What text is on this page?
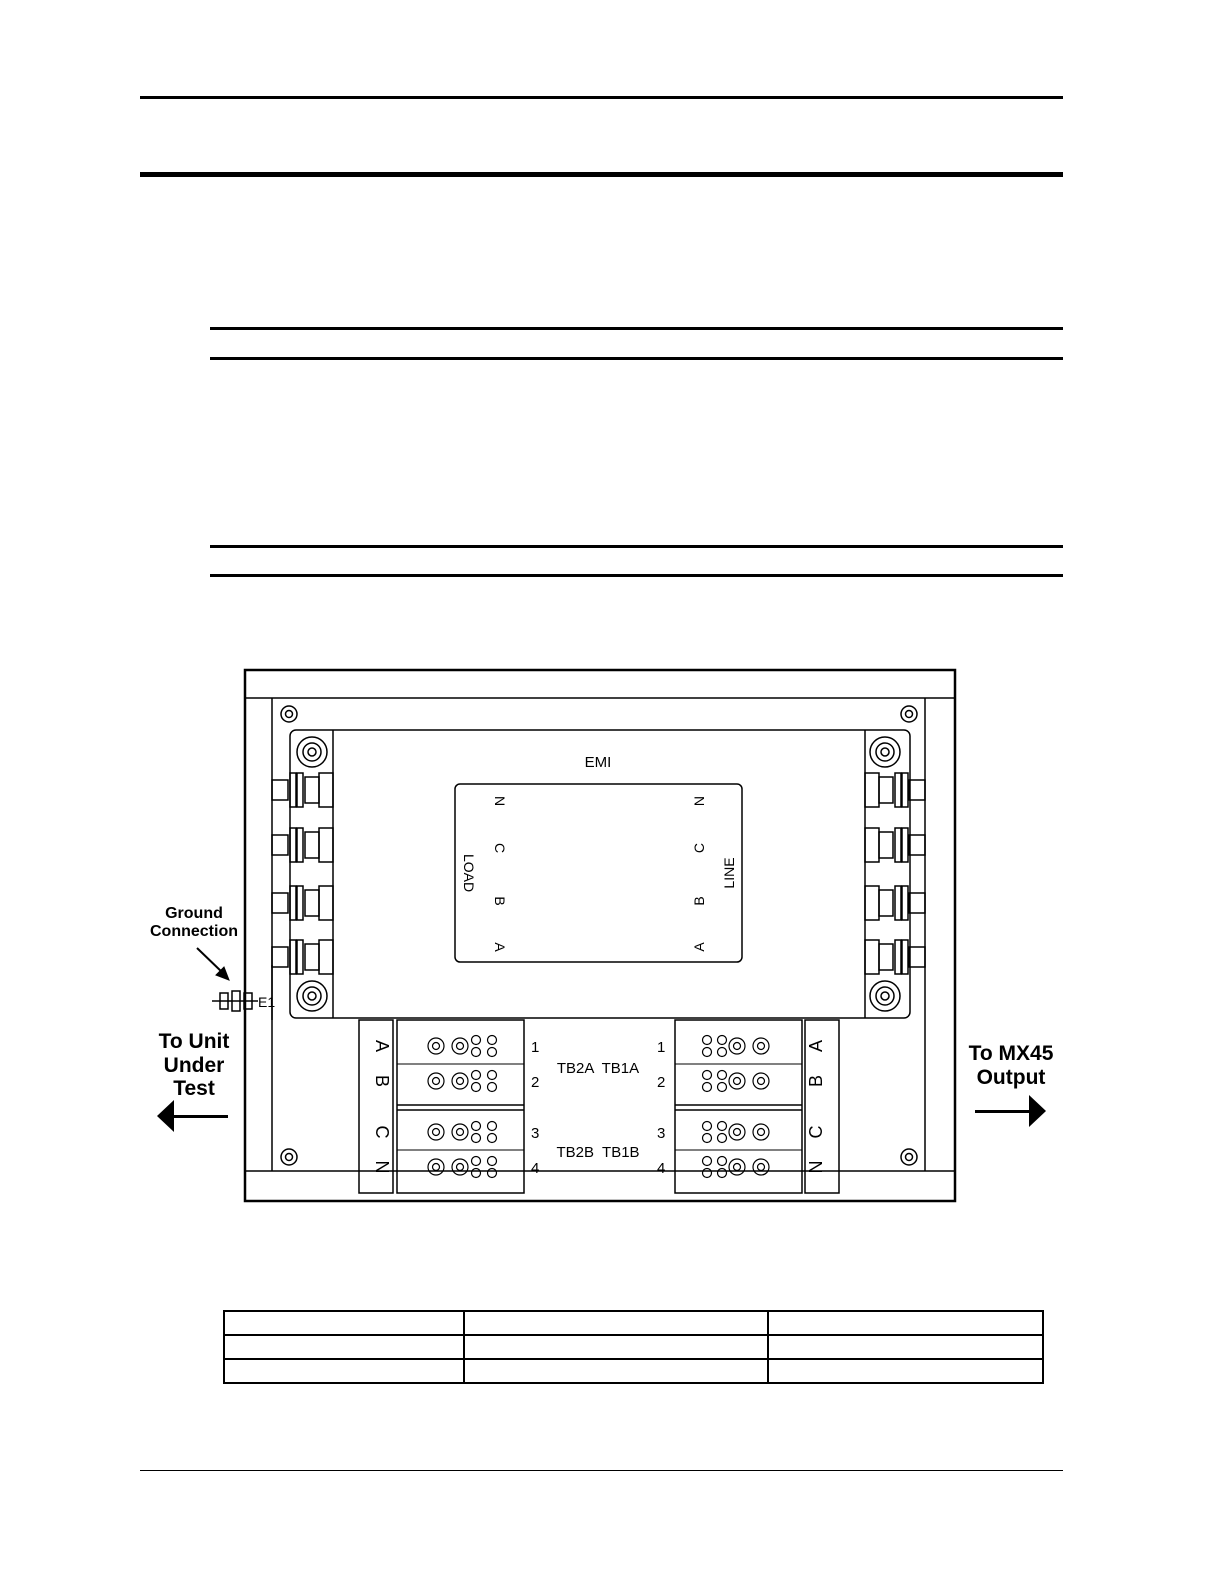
EMI
LOAD	LINE
E1
TB2A  TB1A
TB2B  TB1B
A
B
C
N
A
B
C
N
N
C
B
A
N
C
B
A
1
2
3
4
1
2
3
4
Ground
Connection
To Unit
Under
Test
To MX45
Output
